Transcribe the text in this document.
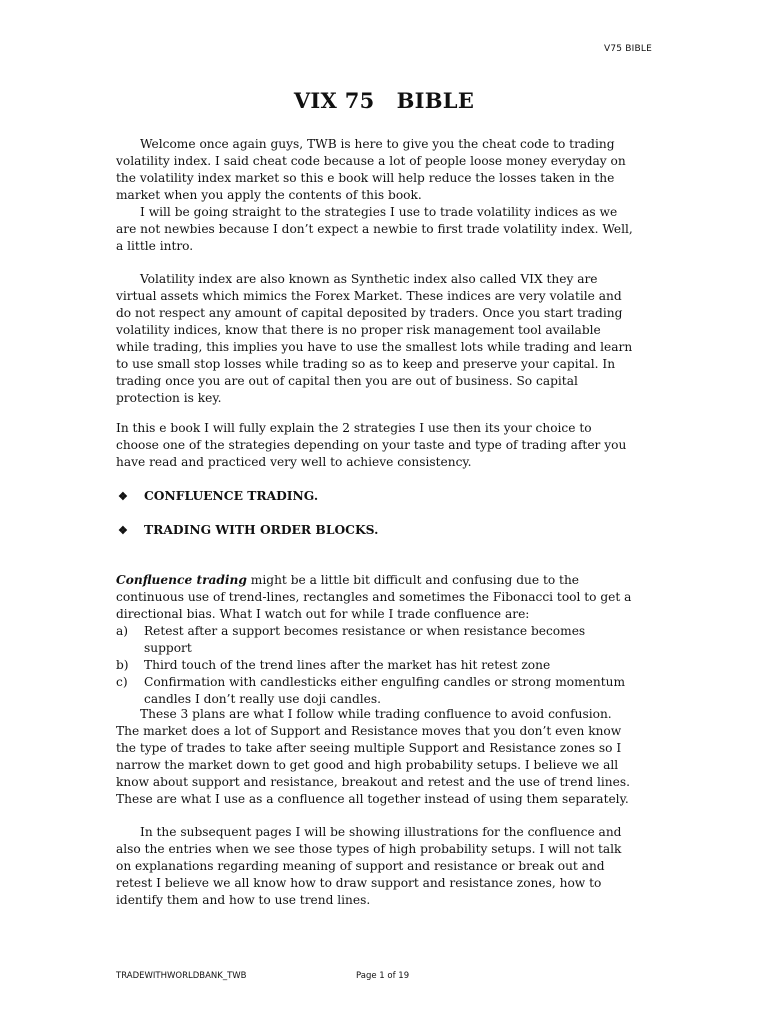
V75 BIBLE
VIX 75 BIBLE

Welcome once again guys, TWB is here to give you the cheat code to trading volatility index. I said cheat code because a lot of people loose money everyday on the volatility index market so this e book will help reduce the losses taken in the market when you apply the contents of this book.

I will be going straight to the strategies I use to trade volatility indices as we are not newbies because I don’t expect a newbie to first trade volatility index. Well, a little intro.

Volatility index are also known as Synthetic index also called VIX they are virtual assets which mimics the Forex Market. These indices are very volatile and do not respect any amount of capital deposited by traders. Once you start trading volatility indices, know that there is no proper risk management tool available while trading, this implies you have to use the smallest lots while trading and learn to use small stop losses while trading so as to keep and preserve your capital. In trading once you are out of capital then you are out of business. So capital protection is key.

In this e book I will fully explain the 2 strategies I use then its your choice to choose one of the strategies depending on your taste and type of trading after you have read and practiced very well to achieve consistency.

❖ CONFLUENCE TRADING.
❖ TRADING WITH ORDER BLOCKS.

Confluence trading might be a little bit difficult and confusing due to the continuous use of trend-lines, rectangles and sometimes the Fibonacci tool to get a directional bias. What I watch out for while I trade confluence are:

a)	Retest after a support becomes resistance or when resistance becomes support
b)	Third touch of the trend lines after the market has hit retest zone
c)	Confirmation with candlesticks either engulfing candles or strong momentum candles I don’t really use doji candles.

These 3 plans are what I follow while trading confluence to avoid confusion. The market does a lot of Support and Resistance moves that you don’t even know the type of trades to take after seeing multiple Support and Resistance zones so I narrow the market down to get good and high probability setups. I believe we all know about support and resistance, breakout and retest and the use of trend lines. These are what I use as a confluence all together instead of using them separately.

In the subsequent pages I will be showing illustrations for the confluence and also the entries when we see those types of high probability setups. I will not talk on explanations regarding meaning of support and resistance or break out and retest I believe we all know how to draw support and resistance zones, how to identify them and how to use trend lines.

TRADEWITHWORLDBANK_TWB	Page 1 of 19
